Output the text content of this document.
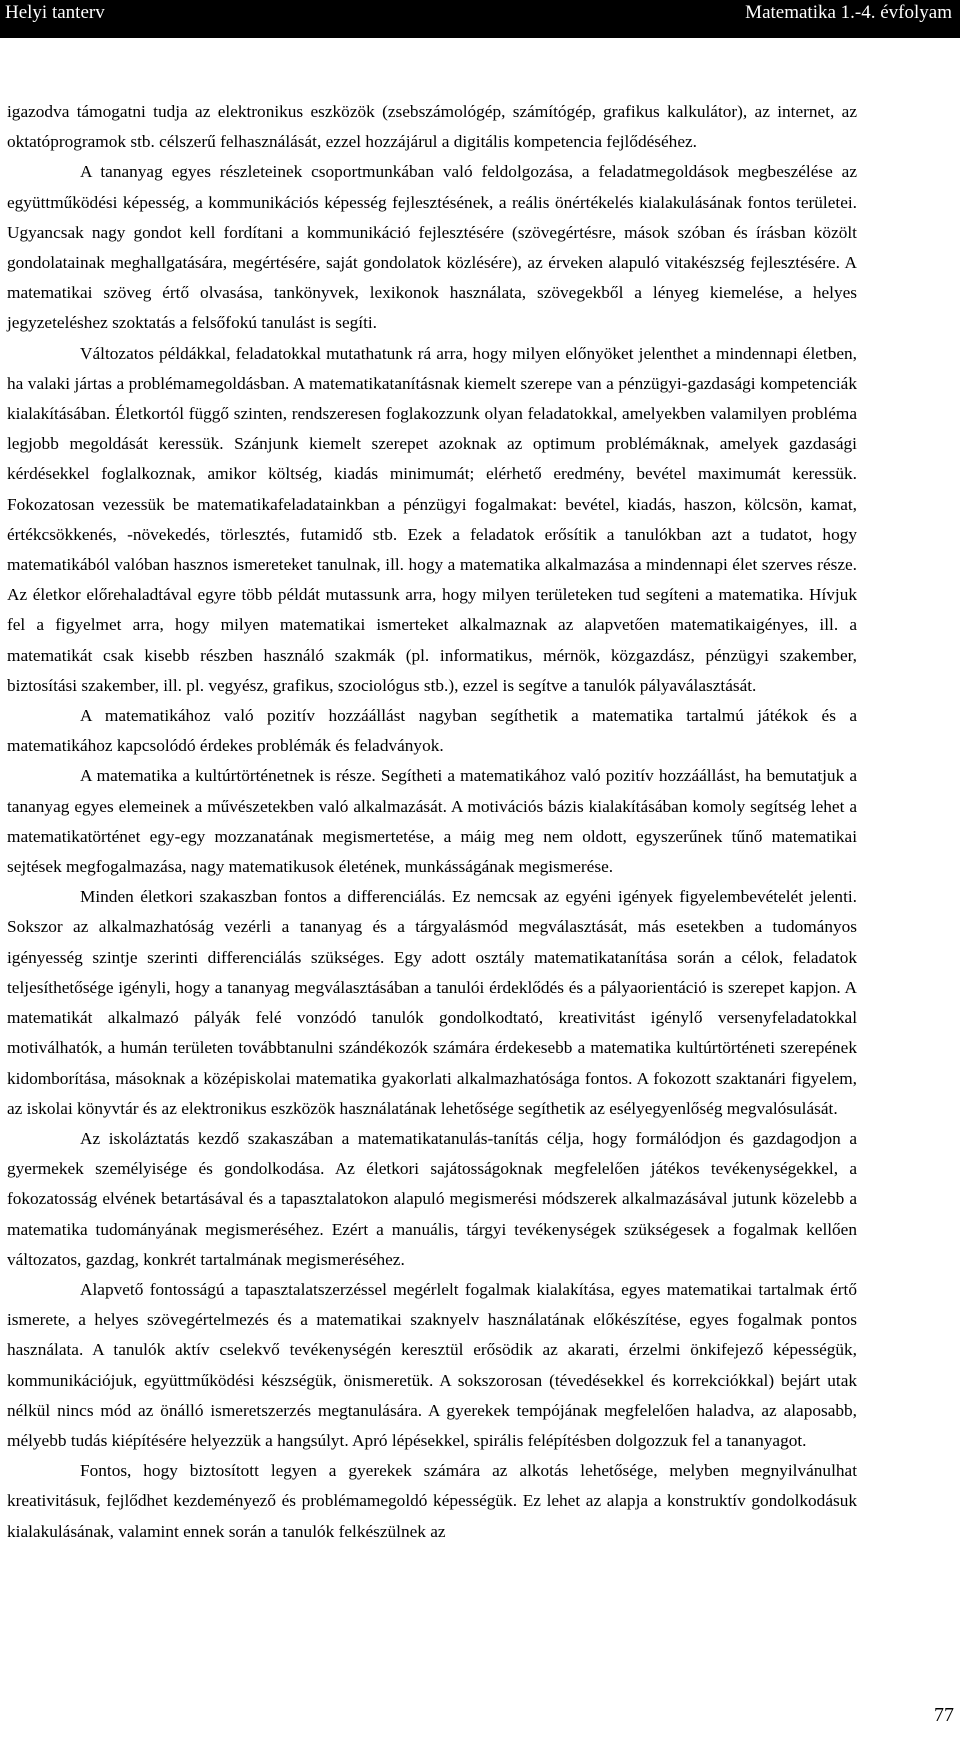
Helyi tanterv	Matematika 1.-4. évfolyam

igazodva támogatni tudja az elektronikus eszközök (zsebszámológép, számítógép, grafikus kalkulátor), az internet, az oktatóprogramok stb. célszerű felhasználását, ezzel hozzájárul a digitális kompetencia fejlődéséhez.

A tananyag egyes részleteinek csoportmunkában való feldolgozása, a feladatmegoldások megbeszélése az együttműködési képesség, a kommunikációs képesség fejlesztésének, a reális önértékelés kialakulásának fontos területei. Ugyancsak nagy gondot kell fordítani a kommunikáció fejlesztésére (szövegértésre, mások szóban és írásban közölt gondolatainak meghallgatására, megértésére, saját gondolatok közlésére), az érveken alapuló vitakészség fejlesztésére. A matematikai szöveg értő olvasása, tankönyvek, lexikonok használata, szövegekből a lényeg kiemelése, a helyes jegyzeteléshez szoktatás a felsőfokú tanulást is segíti.

Változatos példákkal, feladatokkal mutathatunk rá arra, hogy milyen előnyöket jelenthet a mindennapi életben, ha valaki jártas a problémamegoldásban. A matematikatanításnak kiemelt szerepe van a pénzügyi-gazdasági kompetenciák kialakításában. Életkortól függő szinten, rendszeresen foglakozzunk olyan feladatokkal, amelyekben valamilyen probléma legjobb megoldását keressük. Szánjunk kiemelt szerepet azoknak az optimum problémáknak, amelyek gazdasági kérdésekkel foglalkoznak, amikor költség, kiadás minimumát; elérhető eredmény, bevétel maximumát keressük. Fokozatosan vezessük be matematikafeladatainkban a pénzügyi fogalmakat: bevétel, kiadás, haszon, kölcsön, kamat, értékcsökkenés, -növekedés, törlesztés, futamidő stb. Ezek a feladatok erősítik a tanulókban azt a tudatot, hogy matematikából valóban hasznos ismereteket tanulnak, ill. hogy a matematika alkalmazása a mindennapi élet szerves része. Az életkor előrehaladtával egyre több példát mutassunk arra, hogy milyen területeken tud segíteni a matematika. Hívjuk fel a figyelmet arra, hogy milyen matematikai ismerteket alkalmaznak az alapvetően matematikaigényes, ill. a matematikát csak kisebb részben használó szakmák (pl. informatikus, mérnök, közgazdász, pénzügyi szakember, biztosítási szakember, ill. pl. vegyész, grafikus, szociológus stb.), ezzel is segítve a tanulók pályaválasztását.

A matematikához való pozitív hozzáállást nagyban segíthetik a matematika tartalmú játékok és a matematikához kapcsolódó érdekes problémák és feladványok.

A matematika a kultúrtörténetnek is része. Segítheti a matematikához való pozitív hozzáállást, ha bemutatjuk a tananyag egyes elemeinek a művészetekben való alkalmazását. A motivációs bázis kialakításában komoly segítség lehet a matematikatörténet egy-egy mozzanatának megismertetése, a máig meg nem oldott, egyszerűnek tűnő matematikai sejtések megfogalmazása, nagy matematikusok életének, munkásságának megismerése.

Minden életkori szakaszban fontos a differenciálás. Ez nemcsak az egyéni igények figyelembevételét jelenti. Sokszor az alkalmazhatóság vezérli a tananyag és a tárgyalásmód megválasztását, más esetekben a tudományos igényesség szintje szerinti differenciálás szükséges. Egy adott osztály matematikatanítása során a célok, feladatok teljesíthetősége igényli, hogy a tananyag megválasztásában a tanulói érdeklődés és a pályaorientáció is szerepet kapjon. A matematikát alkalmazó pályák felé vonzódó tanulók gondolkodtató, kreativitást igénylő versenyfeladatokkal motiválhatók, a humán területen továbbtanulni szándékozók számára érdekesebb a matematika kultúrtörténeti szerepének kidomborítása, másoknak a középiskolai matematika gyakorlati alkalmazhatósága fontos. A fokozott szaktanári figyelem, az iskolai könyvtár és az elektronikus eszközök használatának lehetősége segíthetik az esélyegyenlőség megvalósulását.

Az iskoláztatás kezdő szakaszában a matematikatanulás-tanítás célja, hogy formálódjon és gazdagodjon a gyermekek személyisége és gondolkodása. Az életkori sajátosságoknak megfelelően játékos tevékenységekkel, a fokozatosság elvének betartásával és a tapasztalatokon alapuló megismerési módszerek alkalmazásával jutunk közelebb a matematika tudományának megismeréséhez. Ezért a manuális, tárgyi tevékenységek szükségesek a fogalmak kellően változatos, gazdag, konkrét tartalmának megismeréséhez.

Alapvető fontosságú a tapasztalatszerzéssel megérlelt fogalmak kialakítása, egyes matematikai tartalmak értő ismerete, a helyes szövegértelmezés és a matematikai szaknyelv használatának előkészítése, egyes fogalmak pontos használata. A tanulók aktív cselekvő tevékenységén keresztül erősödik az akarati, érzelmi önkifejező képességük, kommunikációjuk, együttműködési készségük, önismeretük. A sokszorosan (tévedésekkel és korrekciókkal) bejárt utak nélkül nincs mód az önálló ismeretszerzés megtanulására. A gyerekek tempójának megfelelően haladva, az alaposabb, mélyebb tudás kiépítésére helyezzük a hangsúlyt. Apró lépésekkel, spirális felépítésben dolgozzuk fel a tananyagot.

Fontos, hogy biztosított legyen a gyerekek számára az alkotás lehetősége, melyben megnyilvánulhat kreativitásuk, fejlődhet kezdeményező és problémamegoldó képességük. Ez lehet az alapja a konstruktív gondolkodásuk kialakulásának, valamint ennek során a tanulók felkészülnek az

77
